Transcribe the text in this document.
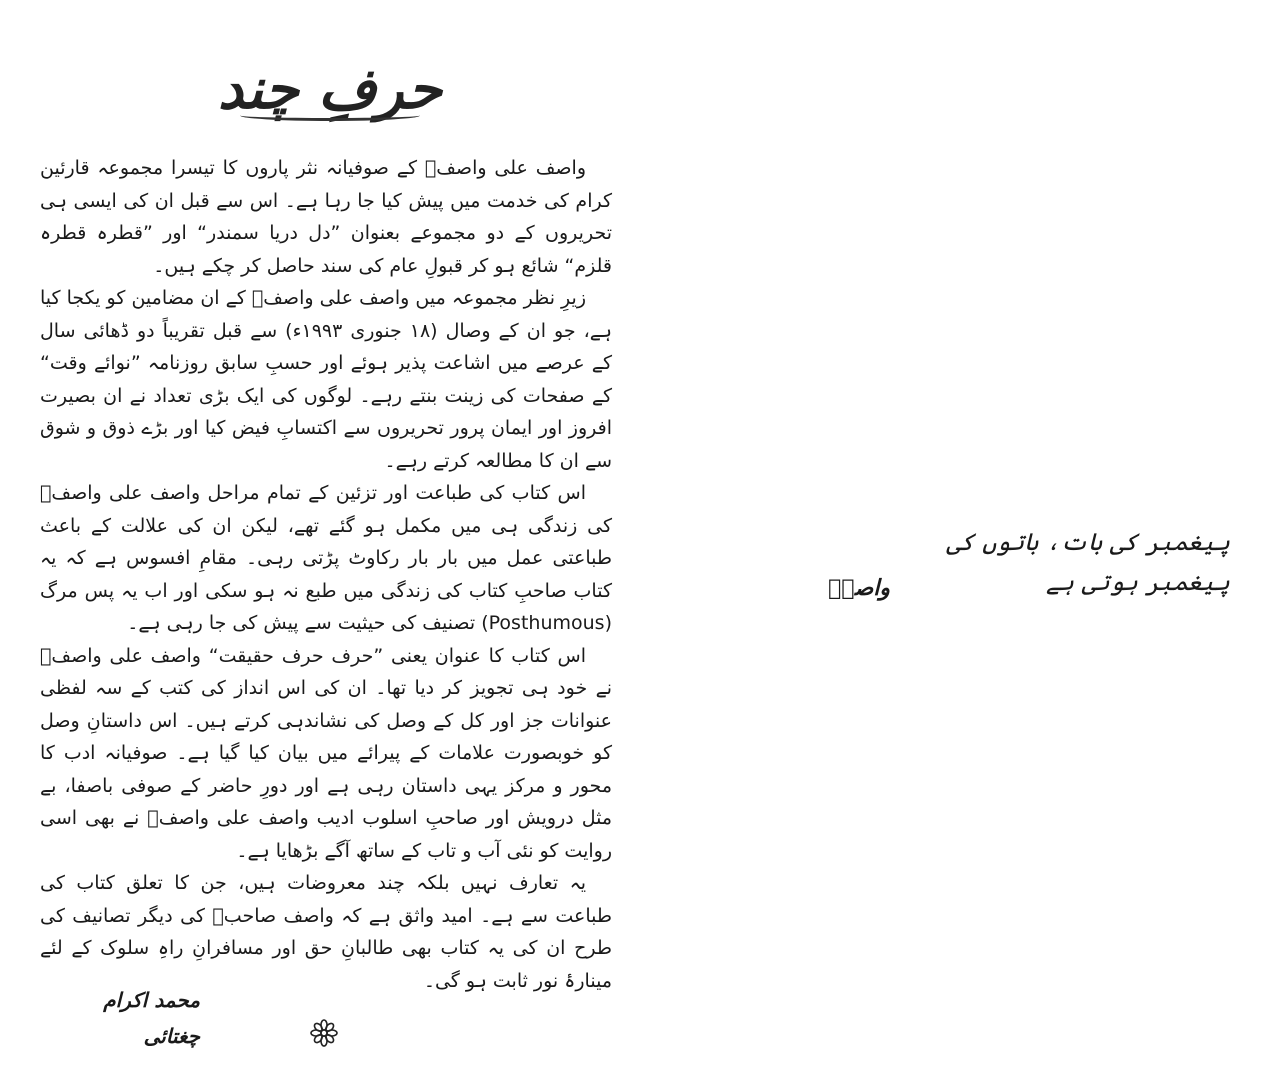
حرفِ چند

واصف علی واصفؒ کے صوفیانہ نثر پاروں کا تیسرا مجموعہ قارئین کرام کی خدمت میں پیش کیا جا رہا ہے۔ اس سے قبل ان کی ایسی ہی تحریروں کے دو مجموعے بعنوان ”دل دریا سمندر“ اور ”قطرہ قطرہ قلزم“ شائع ہو کر قبولِ عام کی سند حاصل کر چکے ہیں۔

زیرِ نظر مجموعہ میں واصف علی واصفؒ کے ان مضامین کو یکجا کیا ہے، جو ان کے وصال (۱۸ جنوری ۱۹۹۳ء) سے قبل تقریباً دو ڈھائی سال کے عرصے میں اشاعت پذیر ہوئے اور حسبِ سابق روزنامہ ”نوائے وقت“ کے صفحات کی زینت بنتے رہے۔ لوگوں کی ایک بڑی تعداد نے ان بصیرت افروز اور ایمان پرور تحریروں سے اکتسابِ فیض کیا اور بڑے ذوق و شوق سے ان کا مطالعہ کرتے رہے۔

اس کتاب کی طباعت اور تزئین کے تمام مراحل واصف علی واصفؒ کی زندگی ہی میں مکمل ہو گئے تھے، لیکن ان کی علالت کے باعث طباعتی عمل میں بار بار رکاوٹ پڑتی رہی۔ مقامِ افسوس ہے کہ یہ کتاب صاحبِ کتاب کی زندگی میں طبع نہ ہو سکی اور اب یہ پس مرگ (Posthumous) تصنیف کی حیثیت سے پیش کی جا رہی ہے۔

اس کتاب کا عنوان یعنی ”حرف حرف حقیقت“ واصف علی واصفؒ نے خود ہی تجویز کر دیا تھا۔ ان کی اس انداز کی کتب کے سہ لفظی عنوانات جز اور کل کے وصل کی نشاندہی کرتے ہیں۔ اس داستانِ وصل کو خوبصورت علامات کے پیرائے میں بیان کیا گیا ہے۔ صوفیانہ ادب کا محور و مرکز یہی داستان رہی ہے اور دورِ حاضر کے صوفی باصفا، بے مثل درویش اور صاحبِ اسلوب ادیب واصف علی واصفؒ نے بھی اسی روایت کو نئی آب و تاب کے ساتھ آگے بڑھایا ہے۔

یہ تعارف نہیں بلکہ چند معروضات ہیں، جن کا تعلق کتاب کی طباعت سے ہے۔ امید واثق ہے کہ واصف صاحبؒ کی دیگر تصانیف کی طرح ان کی یہ کتاب بھی طالبانِ حق اور مسافرانِ راہِ سلوک کے لئے مینارۂ نور ثابت ہو گی۔

محمد اکرام چغتائی
پیغمبر کی بات، باتوں کی پیغمبر ہوتی ہے
واصفؒ
